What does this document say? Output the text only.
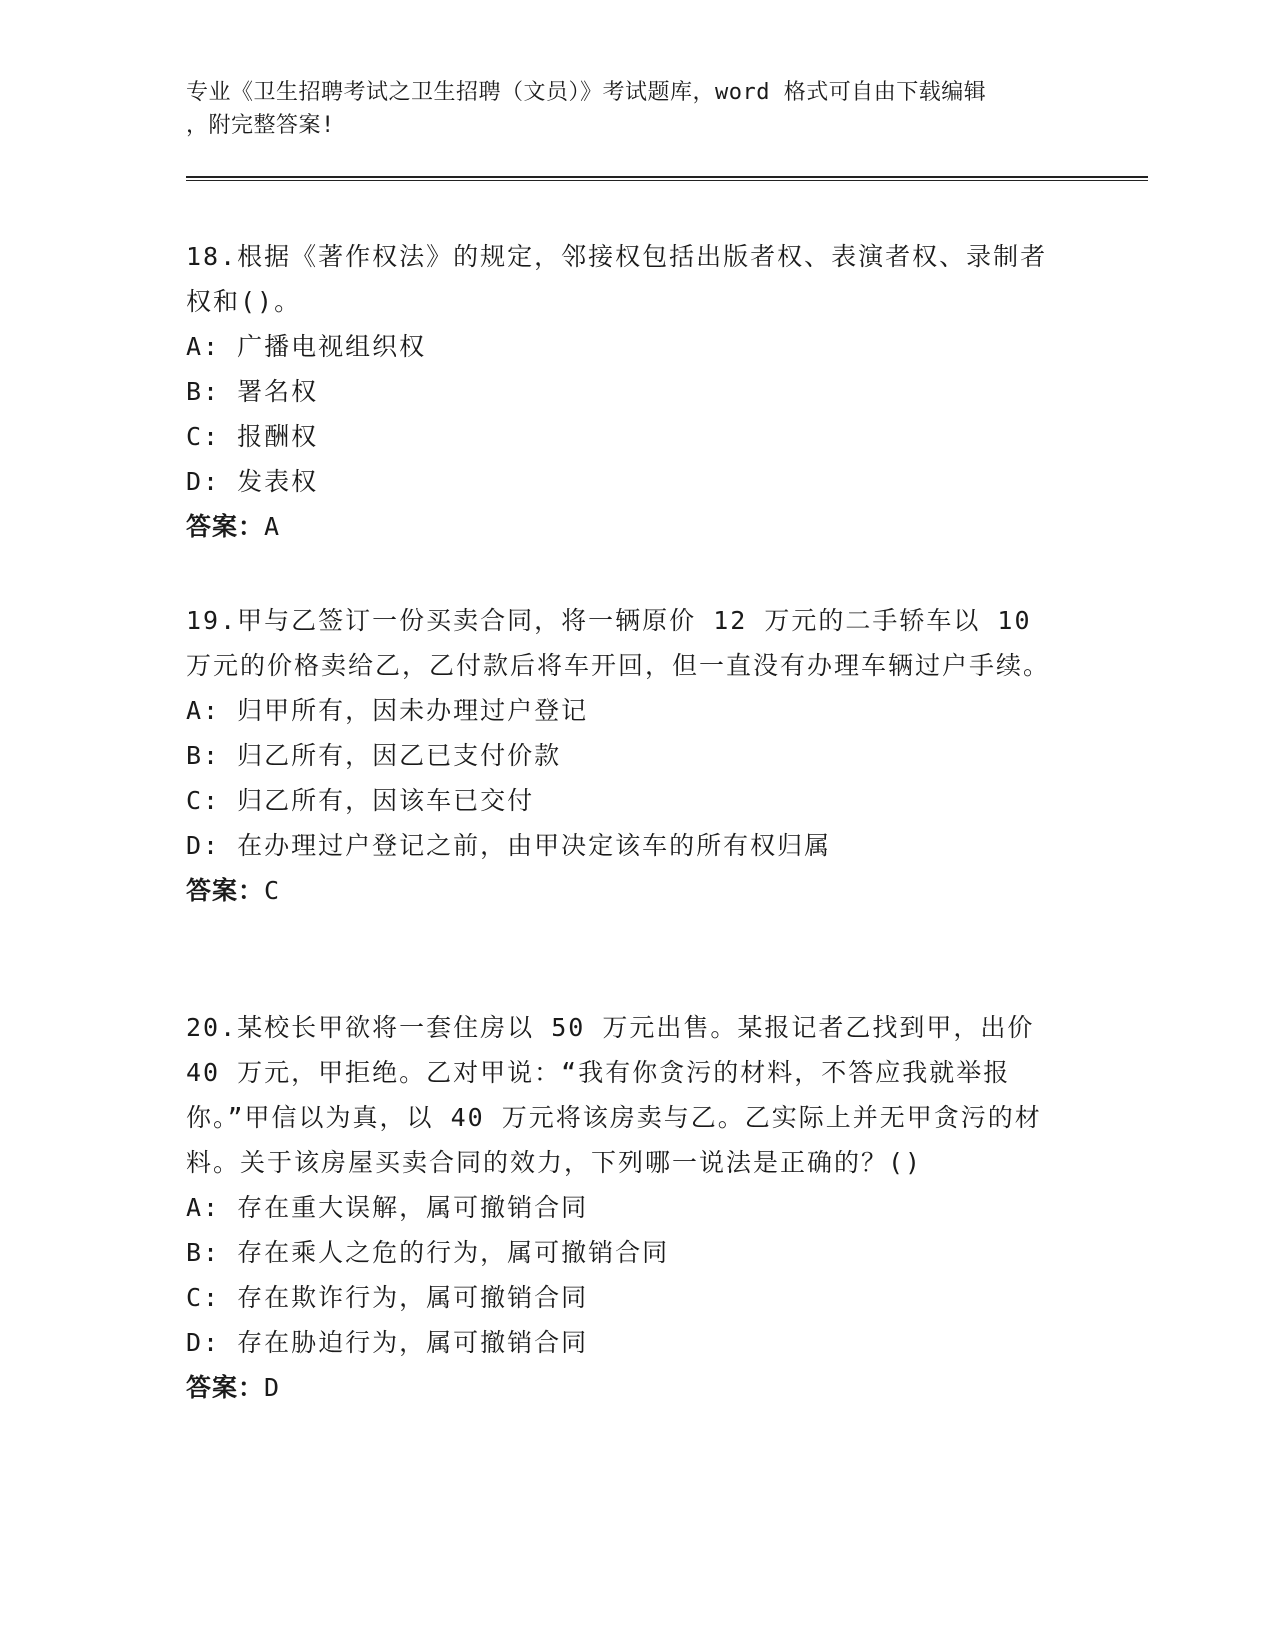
专业《卫生招聘考试之卫生招聘（文员）》考试题库，word 格式可自由下载编辑
，附完整答案!
18.根据《著作权法》的规定，邻接权包括出版者权、表演者权、录制者权和()。
A: 广播电视组织权
B: 署名权
C: 报酬权
D: 发表权
答案：A
19.甲与乙签订一份买卖合同，将一辆原价 12 万元的二手轿车以 10 万元的价格卖给乙，乙付款后将车开回，但一直没有办理车辆过户手续。
A: 归甲所有，因未办理过户登记
B: 归乙所有，因乙已支付价款
C: 归乙所有，因该车已交付
D: 在办理过户登记之前，由甲决定该车的所有权归属
答案：C
20.某校长甲欲将一套住房以 50 万元出售。某报记者乙找到甲，出价 40 万元，甲拒绝。乙对甲说：“我有你贪污的材料，不答应我就举报你。”甲信以为真，以 40 万元将该房卖与乙。乙实际上并无甲贪污的材料。关于该房屋买卖合同的效力，下列哪一说法是正确的？()
A: 存在重大误解，属可撤销合同
B: 存在乘人之危的行为，属可撤销合同
C: 存在欺诈行为，属可撤销合同
D: 存在胁迫行为，属可撤销合同
答案：D
